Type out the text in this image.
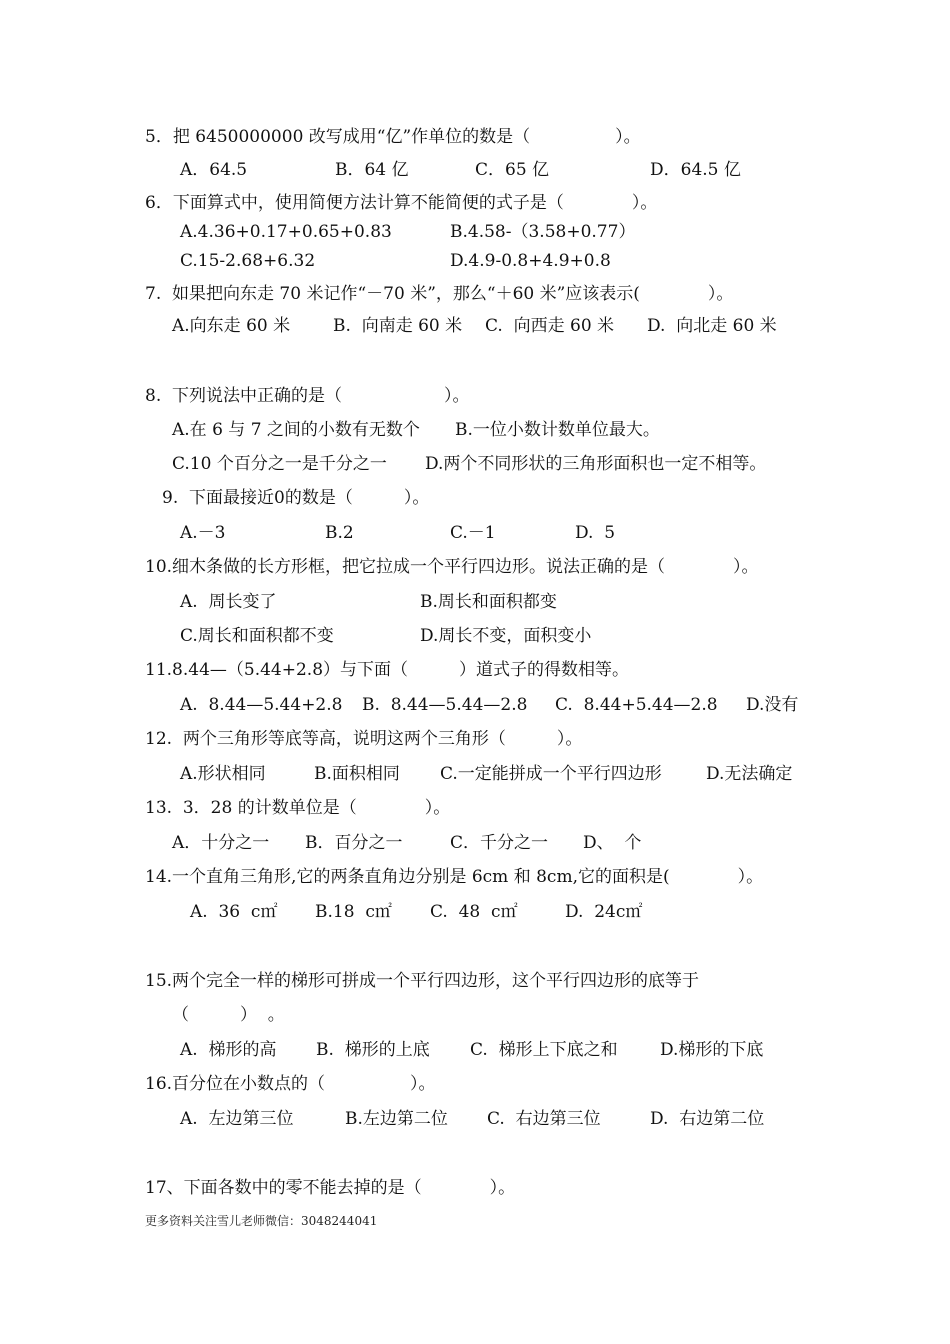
5．把 6450000000 改写成用“亿”作单位的数是（　　　　　）。
A．64.5	B．64 亿	C．65 亿	D．64.5 亿
6．下面算式中，使用简便方法计算不能简便的式子是（　　　　）。
A.4.36+0.17+0.65+0.83	B.4.58-（3.58+0.77）
C.15-2.68+6.32	D.4.9-0.8+4.9+0.8
7.  如果把向东走 70 米记作“－70 米”，那么“＋60 米”应该表示(　　　　）。
A.向东走 60 米	B.  向南走 60 米 C.  向西走 60 米 D.  向北走 60 米
8.  下列说法中正确的是（　　　　　　）。
A.在 6 与 7 之间的小数有无数个 B.一位小数计数单位最大。
C.10 个百分之一是千分之一 D.两个不同形状的三角形面积也一定不相等。
9.  下面最接近0的数是（　　　）。
A.－3	B.2	C.－1	D.  5
10.细木条做的长方形框，把它拉成一个平行四边形。说法正确的是（　　　　）。
A.  周长变了	B.周长和面积都变
C.周长和面积都不变	D.周长不变，面积变小
11.8.44—（5.44+2.8）与下面（　　　）道式子的得数相等。
A.  8.44—5.44+2.8 B.  8.44—5.44—2.8 C.  8.44+5.44—2.8 D.没有
12.  两个三角形等底等高，说明这两个三角形（　　　）。
A.形状相同	B.面积相同 C.一定能拼成一个平行四边形	D.无法确定
13.  3．28 的计数单位是（　　　　）。
A．十分之一 B．百分之一	C．千分之一 D、  个
14.一个直角三角形,它的两条直角边分别是 6cm 和 8cm,它的面积是(　　　　）。
A.  36  c㎡ B.18  c㎡ C.  48  c㎡	D.  24c㎡
15.两个完全一样的梯形可拼成一个平行四边形，这个平行四边形的底等于
（　　　）  。
A.  梯形的高 B.  梯形的上底 C.  梯形上下底之和 D.梯形的下底
16.百分位在小数点的（　　　　　）。
A.  左边第三位	B.左边第二位 C.  右边第三位	D.  右边第二位
17、下面各数中的零不能去掉的是（　　　　）。
更多资料关注雪儿老师微信：3048244041
